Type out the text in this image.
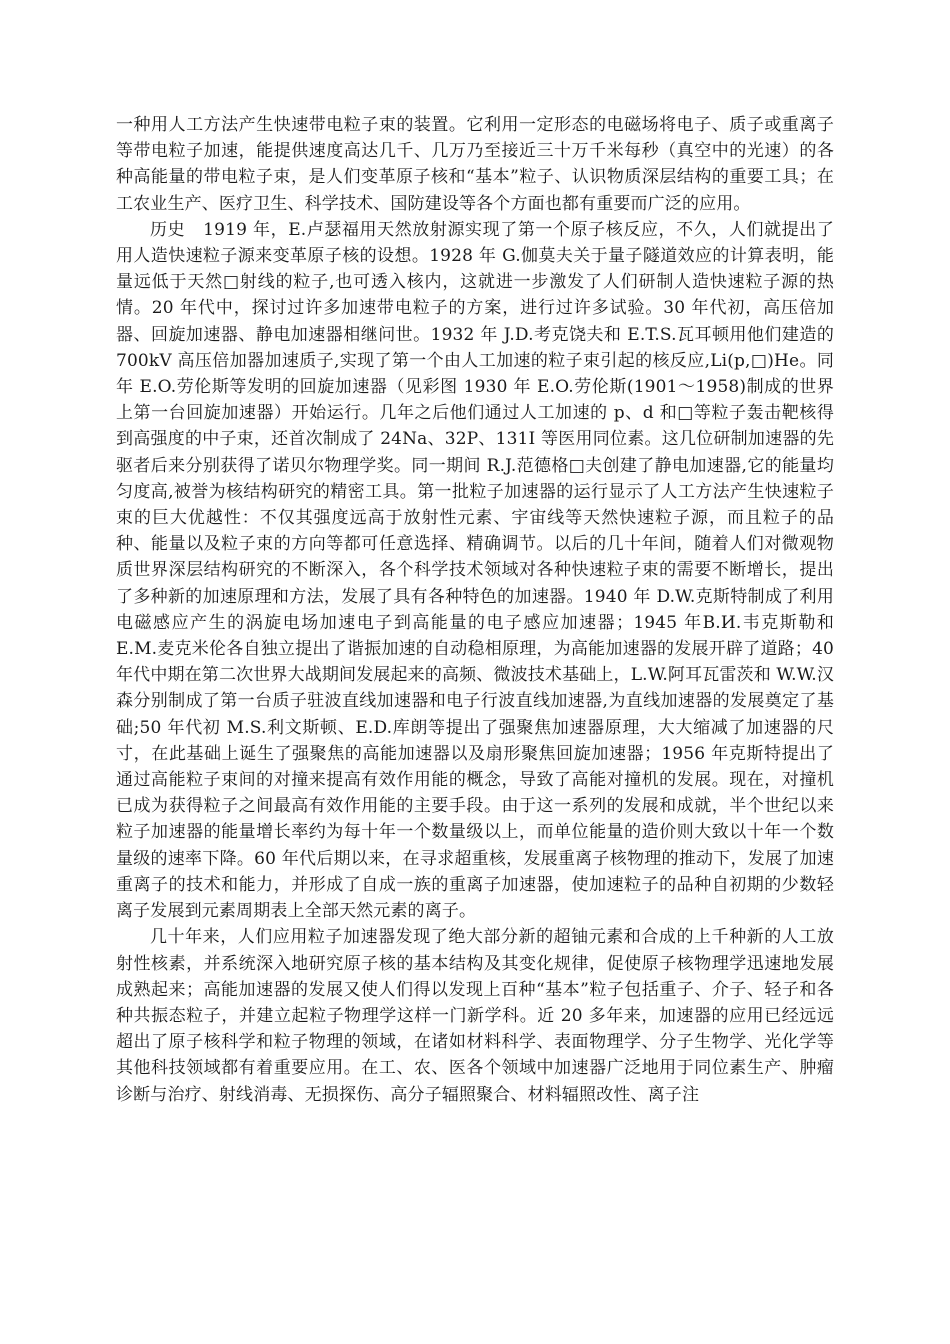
一种用人工方法产生快速带电粒子束的装置。它利用一定形态的电磁场将电子、质子或重离子等带电粒子加速，能提供速度高达几千、几万乃至接近三十万千米每秒（真空中的光速）的各种高能量的带电粒子束，是人们变革原子核和“基本”粒子、认识物质深层结构的重要工具；在工农业生产、医疗卫生、科学技术、国防建设等各个方面也都有重要而广泛的应用。

历史 1919 年，E.卢瑟福用天然放射源实现了第一个原子核反应，不久，人们就提出了用人造快速粒子源来变革原子核的设想。1928 年 G.伽莫夫关于量子隧道效应的计算表明，能量远低于天然□射线的粒子,也可透入核内，这就进一步激发了人们研制人造快速粒子源的热情。20 年代中，探讨过许多加速带电粒子的方案，进行过许多试验。30 年代初，高压倍加器、回旋加速器、静电加速器相继问世。1932 年 J.D.考克饶夫和 E.T.S.瓦耳顿用他们建造的 700kV 高压倍加器加速质子,实现了第一个由人工加速的粒子束引起的核反应,Li(p,□)He。同年 E.O.劳伦斯等发明的回旋加速器（见彩图 1930 年 E.O.劳伦斯(1901～1958)制成的世界上第一台回旋加速器）开始运行。几年之后他们通过人工加速的 p、d 和□等粒子轰击靶核得到高强度的中子束，还首次制成了 24Na、32P、131I 等医用同位素。这几位研制加速器的先驱者后来分别获得了诺贝尔物理学奖。同一期间 R.J.范德格□夫创建了静电加速器,它的能量均匀度高,被誉为核结构研究的精密工具。第一批粒子加速器的运行显示了人工方法产生快速粒子束的巨大优越性：不仅其强度远高于放射性元素、宇宙线等天然快速粒子源，而且粒子的品种、能量以及粒子束的方向等都可任意选择、精确调节。以后的几十年间，随着人们对微观物质世界深层结构研究的不断深入，各个科学技术领域对各种快速粒子束的需要不断增长，提出了多种新的加速原理和方法，发展了具有各种特色的加速器。1940 年 D.W.克斯特制成了利用电磁感应产生的涡旋电场加速电子到高能量的电子感应加速器；1945 年В.И.韦克斯勒和 E.M.麦克米伦各自独立提出了谐振加速的自动稳相原理，为高能加速器的发展开辟了道路；40 年代中期在第二次世界大战期间发展起来的高频、微波技术基础上，L.W.阿耳瓦雷茨和 W.W.汉森分别制成了第一台质子驻波直线加速器和电子行波直线加速器,为直线加速器的发展奠定了基础;50 年代初 M.S.利文斯顿、E.D.库朗等提出了强聚焦加速器原理，大大缩减了加速器的尺寸，在此基础上诞生了强聚焦的高能加速器以及扇形聚焦回旋加速器；1956 年克斯特提出了通过高能粒子束间的对撞来提高有效作用能的概念，导致了高能对撞机的发展。现在，对撞机已成为获得粒子之间最高有效作用能的主要手段。由于这一系列的发展和成就，半个世纪以来粒子加速器的能量增长率约为每十年一个数量级以上，而单位能量的造价则大致以十年一个数量级的速率下降。60 年代后期以来，在寻求超重核，发展重离子核物理的推动下，发展了加速重离子的技术和能力，并形成了自成一族的重离子加速器，使加速粒子的品种自初期的少数轻离子发展到元素周期表上全部天然元素的离子。

几十年来，人们应用粒子加速器发现了绝大部分新的超铀元素和合成的上千种新的人工放射性核素，并系统深入地研究原子核的基本结构及其变化规律，促使原子核物理学迅速地发展成熟起来；高能加速器的发展又使人们得以发现上百种“基本”粒子包括重子、介子、轻子和各种共振态粒子，并建立起粒子物理学这样一门新学科。近 20 多年来，加速器的应用已经远远超出了原子核科学和粒子物理的领域，在诸如材料科学、表面物理学、分子生物学、光化学等其他科技领域都有着重要应用。在工、农、医各个领域中加速器广泛地用于同位素生产、肿瘤诊断与治疗、射线消毒、无损探伤、高分子辐照聚合、材料辐照改性、离子注
